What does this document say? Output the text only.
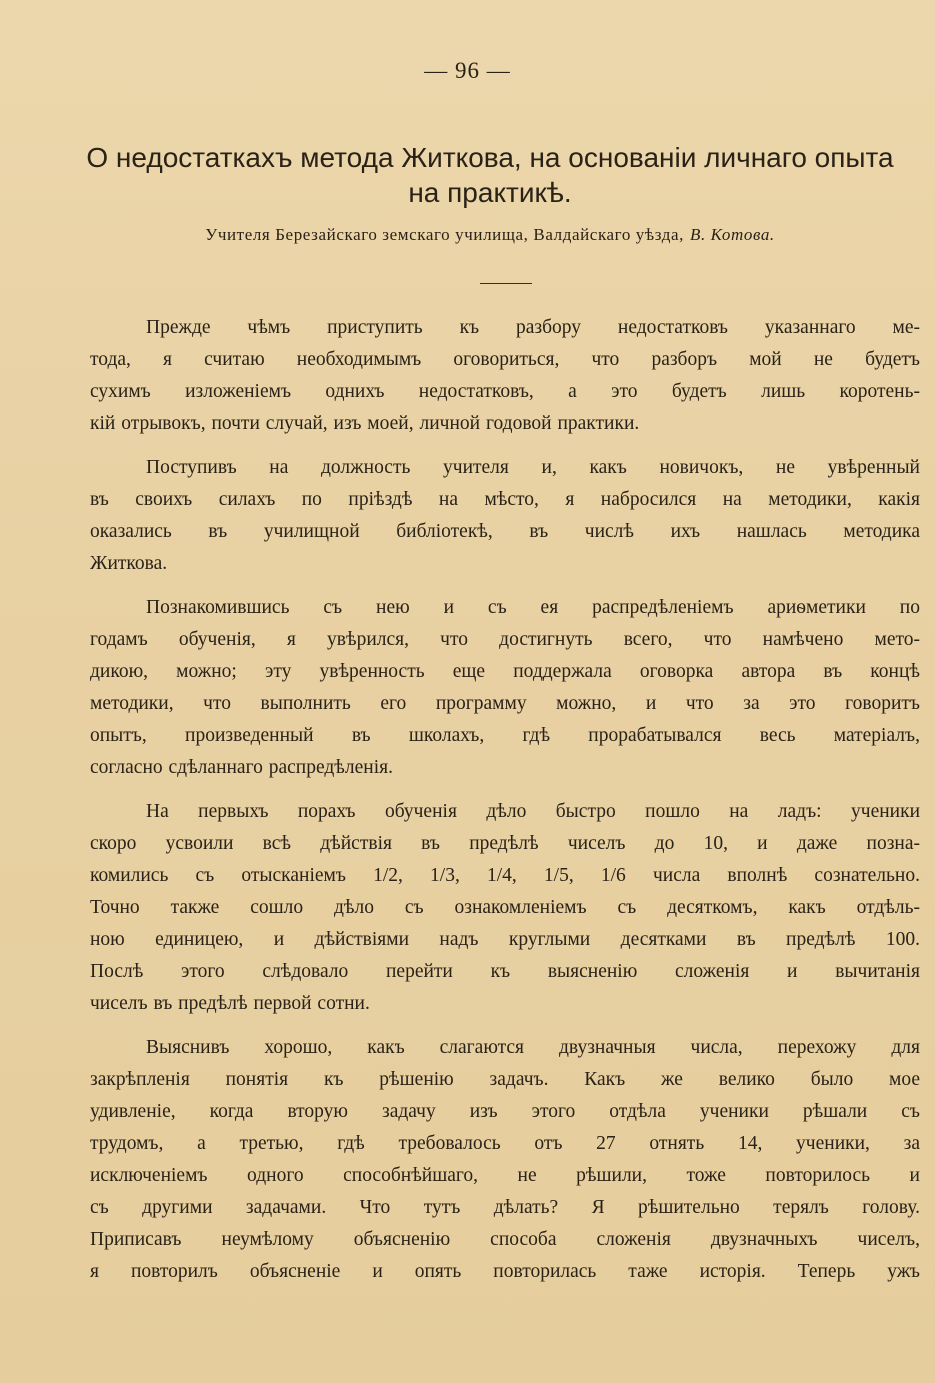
— 96 —
О недостаткахъ метода Житкова, на основанiи личнаго опыта
на практикѣ.
Учителя Березайскаго земскаго училища, Валдайскаго уѣзда, В. Котова.

Прежде чѣмъ приступить къ разбору недостатковъ указаннаго ме-
тода, я считаю необходимымъ оговориться, что разборъ мой не будетъ
сухимъ изложенiемъ однихъ недостатковъ, а это будетъ лишь коротень-
кiй отрывокъ, почти случай, изъ моей, личной годовой практики.

Поступивъ на должность учителя и, какъ новичокъ, не увѣренный
въ своихъ силахъ по прiѣздѣ на мѣсто, я набросился на методики, какiя
оказались въ училищной библiотекѣ, въ числѣ ихъ нашлась методика
Житкова.

Познакомившись съ нею и съ ея распредѣленiемъ ариѳметики по
годамъ обученiя, я увѣрился, что достигнуть всего, что намѣчено мето-
дикою, можно; эту увѣренность еще поддержала оговорка автора въ концѣ
методики, что выполнить его программу можно, и что за это говоритъ
опытъ, произведенный въ школахъ, гдѣ прорабатывался весь матерiалъ,
согласно сдѣланнаго распредѣленiя.

На первыхъ порахъ обученiя дѣло быстро пошло на ладъ: ученики
скоро усвоили всѣ дѣйствiя въ предѣлѣ чиселъ до 10, и даже позна-
комились съ отысканiемъ 1/2, 1/3, 1/4, 1/5, 1/6 числа вполнѣ сознательно.
Точно также сошло дѣло съ ознакомленiемъ съ десяткомъ, какъ отдѣль-
ною единицею, и дѣйствiями надъ круглыми десятками въ предѣлѣ 100.
Послѣ этого слѣдовало перейти къ выясненiю сложенiя и вычитанiя
чиселъ въ предѣлѣ первой сотни.

Выяснивъ хорошо, какъ слагаются двузначныя числа, перехожу для
закрѣпленiя понятiя къ рѣшенiю задачъ. Какъ же велико было мое
удивленiе, когда вторую задачу изъ этого отдѣла ученики рѣшали съ
трудомъ, а третью, гдѣ требовалось отъ 27 отнять 14, ученики, за
исключенiемъ одного способнѣйшаго, не рѣшили, тоже повторилось и
съ другими задачами. Что тутъ дѣлать? Я рѣшительно терялъ голову.
Приписавъ неумѣлому объясненiю способа сложенiя двузначныхъ чиселъ,
я повторилъ объясненiе и опять повторилась таже исторiя. Теперь ужъ
